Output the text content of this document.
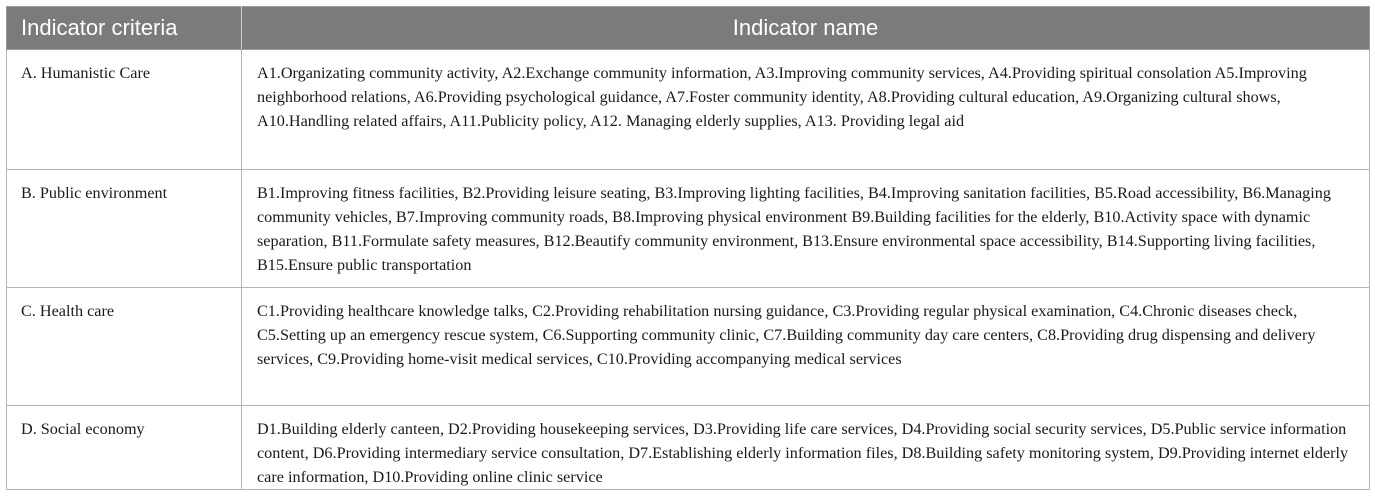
Indicator criteria	Indicator name
A. Humanistic Care	A1.Organizating community activity, A2.Exchange community information, A3.Improving community services, A4.Providing spiritual consolation A5.Improving neighborhood relations, A6.Providing psychological guidance, A7.Foster community identity, A8.Providing cultural education, A9.Organizing cultural shows, A10.Handling related affairs, A11.Publicity policy, A12. Managing elderly supplies, A13. Providing legal aid
B. Public environment	B1.Improving fitness facilities, B2.Providing leisure seating, B3.Improving lighting facilities, B4.Improving sanitation facilities, B5.Road accessibility, B6.Managing community vehicles, B7.Improving community roads, B8.Improving physical environment B9.Building facilities for the elderly, B10.Activity space with dynamic separation, B11.Formulate safety measures, B12.Beautify community environment, B13.Ensure environmental space accessibility, B14.Supporting living facilities, B15.Ensure public transportation
C. Health care	C1.Providing healthcare knowledge talks, C2.Providing rehabilitation nursing guidance, C3.Providing regular physical examination, C4.Chronic diseases check, C5.Setting up an emergency rescue system, C6.Supporting community clinic, C7.Building community day care centers, C8.Providing drug dispensing and delivery services, C9.Providing home-visit medical services, C10.Providing accompanying medical services
D. Social economy	D1.Building elderly canteen, D2.Providing housekeeping services, D3.Providing life care services, D4.Providing social security services, D5.Public service information content, D6.Providing intermediary service consultation, D7.Establishing elderly information files, D8.Building safety monitoring system, D9.Providing internet elderly care information, D10.Providing online clinic service
